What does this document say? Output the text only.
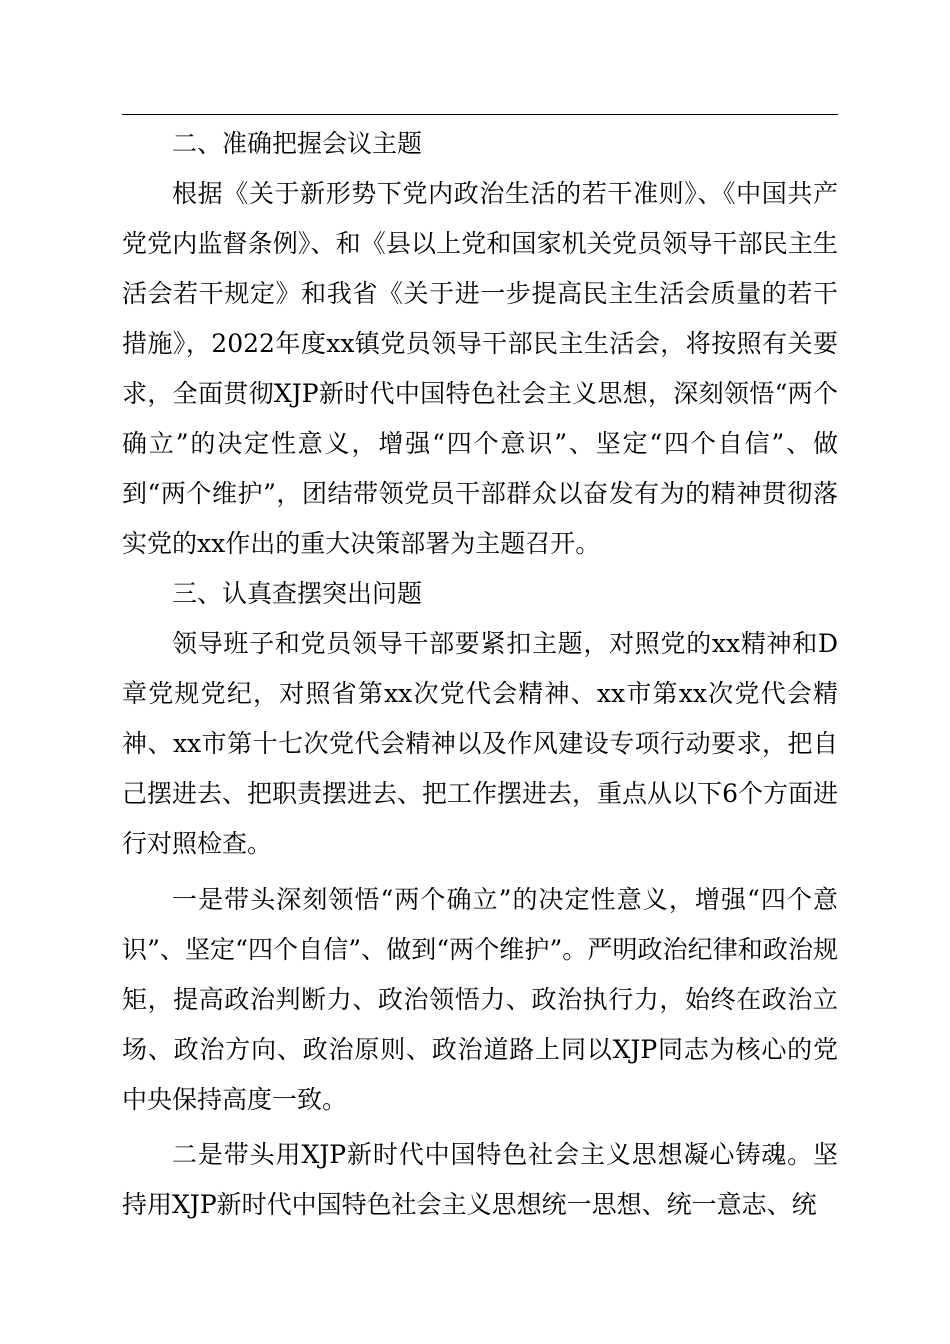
二、准确把握会议主题

根据《关于新形势下党内政治生活的若干准则》、《中国共产党党内监督条例》、和《县以上党和国家机关党员领导干部民主生活会若干规定》和我省《关于进一步提高民主生活会质量的若干措施》，2022年度xx镇党员领导干部民主生活会，将按照有关要求，全面贯彻XJP新时代中国特色社会主义思想，深刻领悟“两个确立”的决定性意义，增强“四个意识”、坚定“四个自信”、做到“两个维护”，团结带领党员干部群众以奋发有为的精神贯彻落实党的xx作出的重大决策部署为主题召开。

三、认真查摆突出问题

领导班子和党员领导干部要紧扣主题，对照党的xx精神和D章党规党纪，对照省第xx次党代会精神、xx市第xx次党代会精神、xx市第十七次党代会精神以及作风建设专项行动要求，把自己摆进去、把职责摆进去、把工作摆进去，重点从以下6个方面进行对照检查。

一是带头深刻领悟“两个确立”的决定性意义，增强“四个意识”、坚定“四个自信”、做到“两个维护”。严明政治纪律和政治规矩，提高政治判断力、政治领悟力、政治执行力，始终在政治立场、政治方向、政治原则、政治道路上同以XJP同志为核心的党中央保持高度一致。

二是带头用XJP新时代中国特色社会主义思想凝心铸魂。坚持用XJP新时代中国特色社会主义思想统一思想、统一意志、统
